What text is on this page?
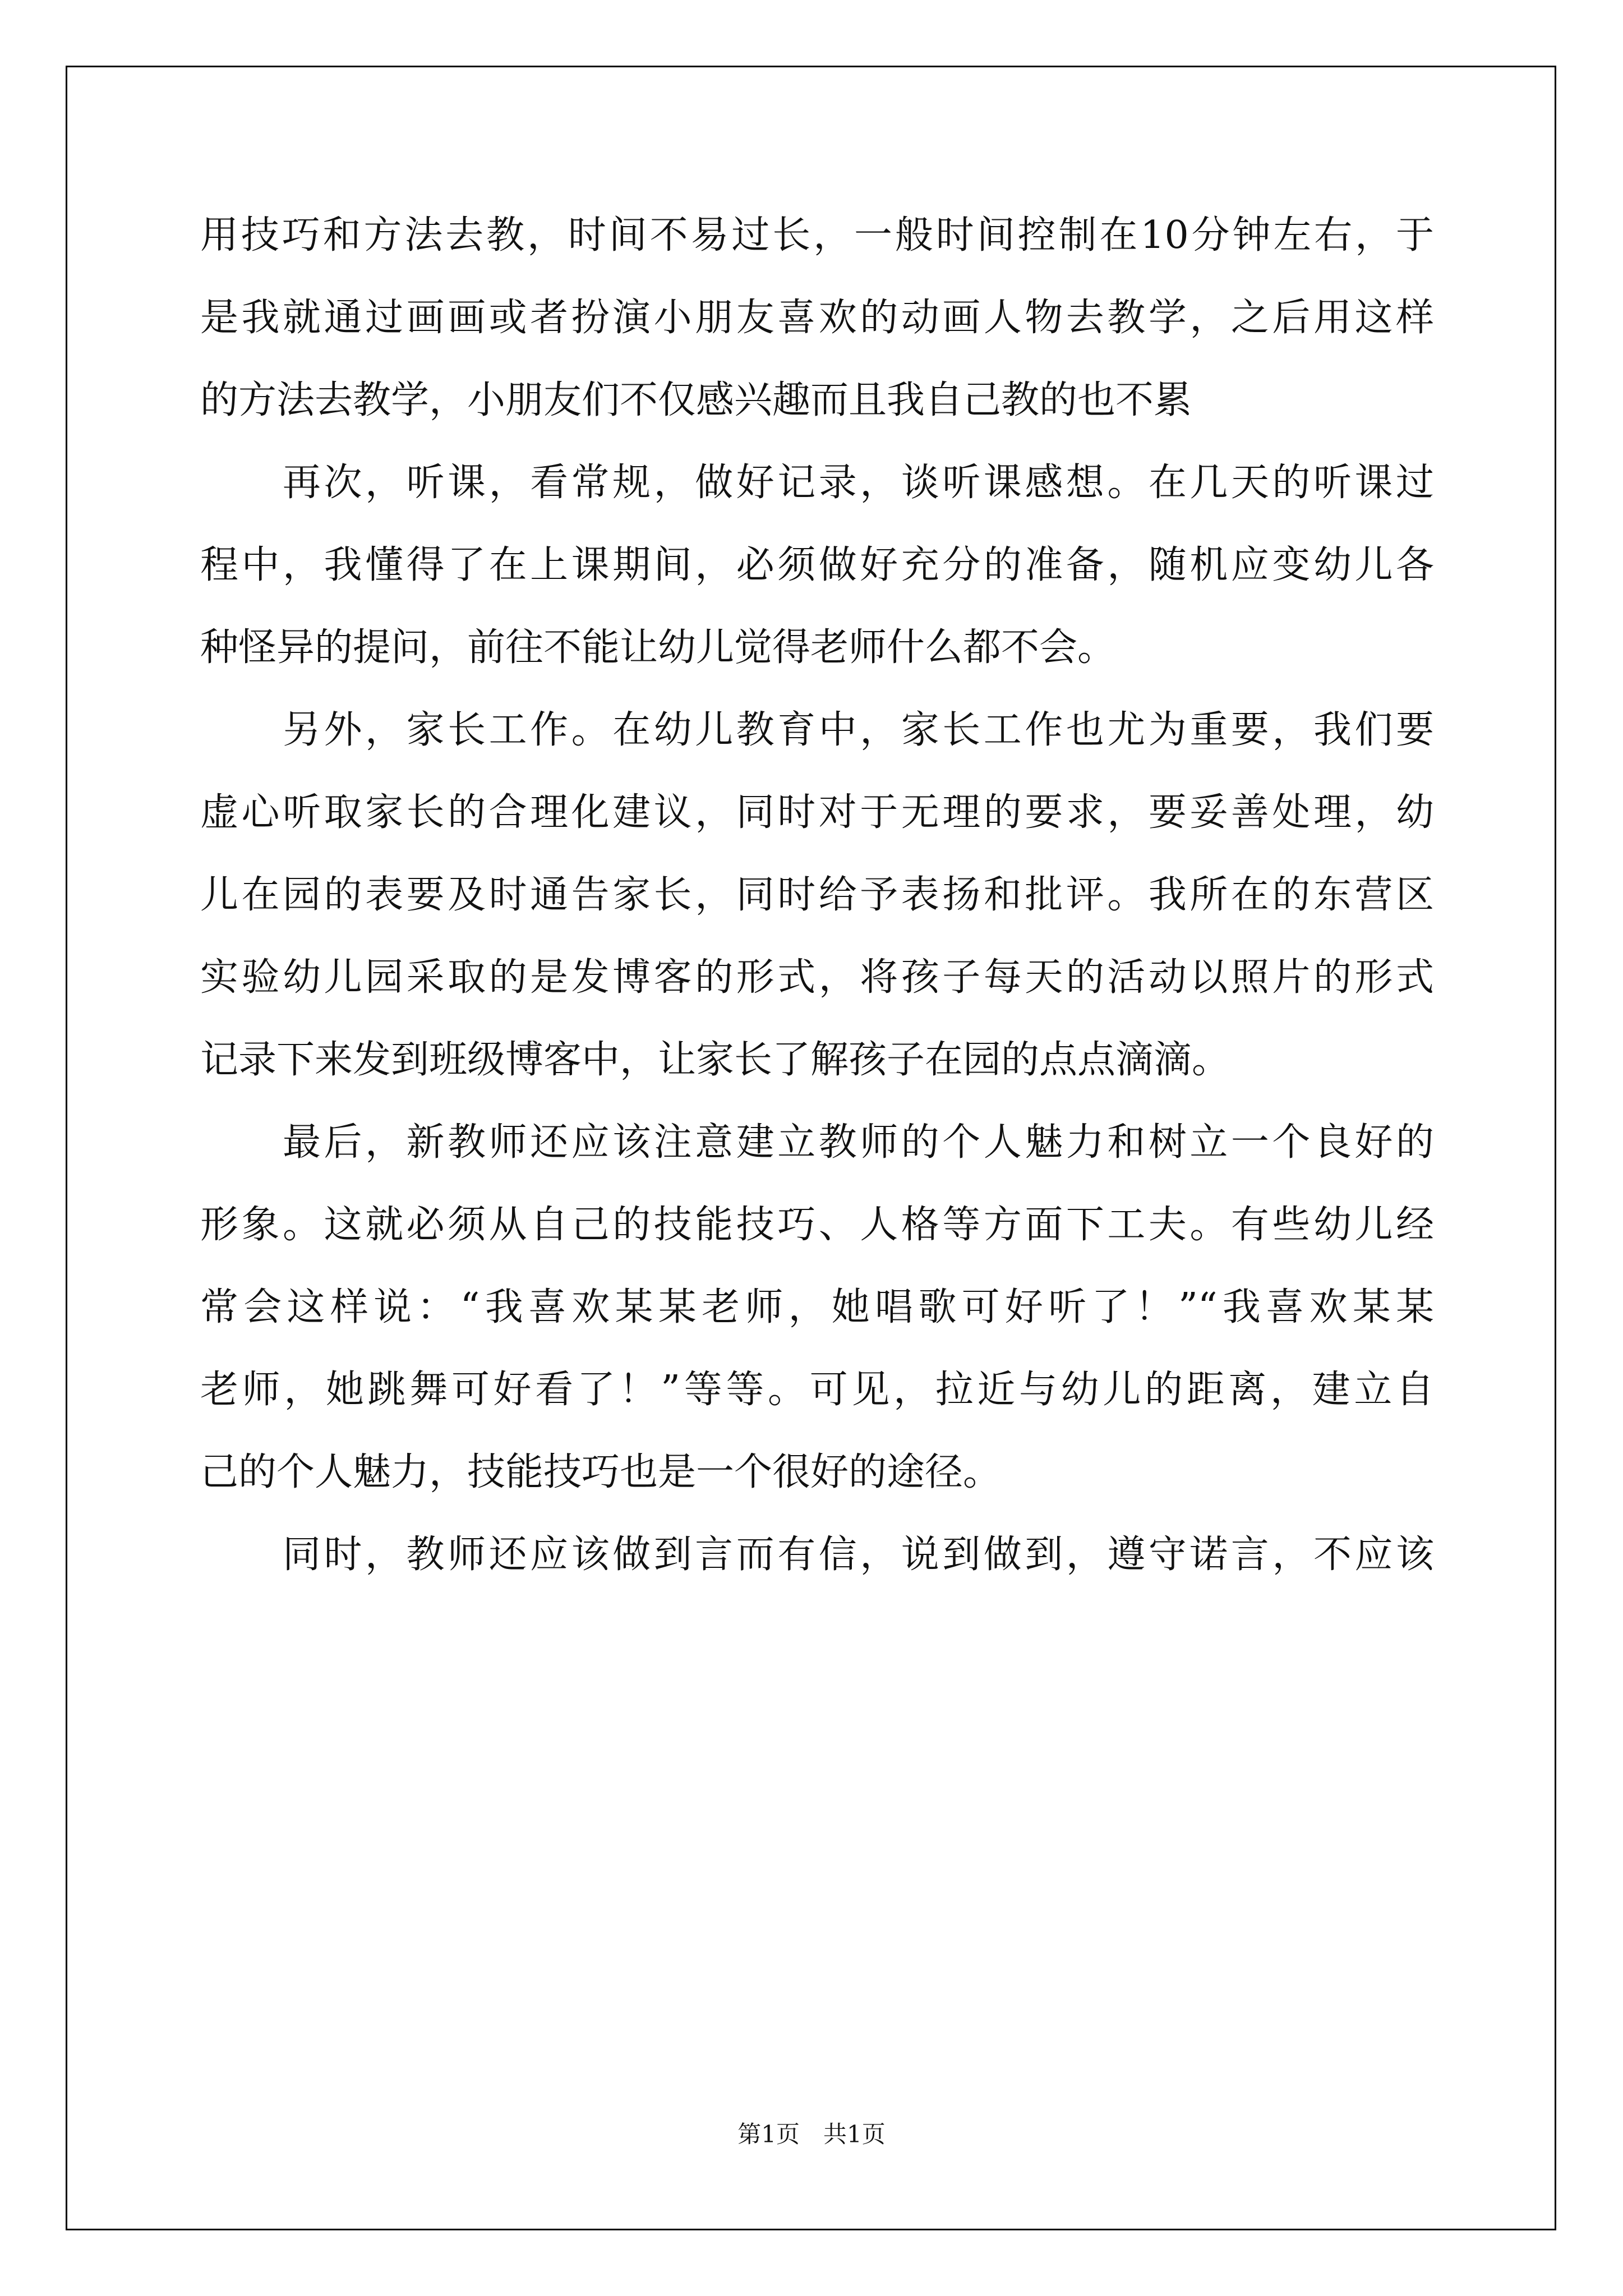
用技巧和方法去教，时间不易过长，一般时间控制在10分钟左右，于
是我就通过画画或者扮演小朋友喜欢的动画人物去教学，之后用这样
的方法去教学，小朋友们不仅感兴趣而且我自己教的也不累
再次，听课，看常规，做好记录，谈听课感想。在几天的听课过
程中，我懂得了在上课期间，必须做好充分的准备，随机应变幼儿各
种怪异的提问，前往不能让幼儿觉得老师什么都不会。
另外，家长工作。在幼儿教育中，家长工作也尤为重要，我们要
虚心听取家长的合理化建议，同时对于无理的要求，要妥善处理，幼
儿在园的表要及时通告家长，同时给予表扬和批评。我所在的东营区
实验幼儿园采取的是发博客的形式，将孩子每天的活动以照片的形式
记录下来发到班级博客中，让家长了解孩子在园的点点滴滴。
最后，新教师还应该注意建立教师的个人魅力和树立一个良好的
形象。这就必须从自己的技能技巧、人格等方面下工夫。有些幼儿经
常会这样说：“我喜欢某某老师，她唱歌可好听了！”“我喜欢某某
老师，她跳舞可好看了！”等等。可见，拉近与幼儿的距离，建立自
己的个人魅力，技能技巧也是一个很好的途径。
同时，教师还应该做到言而有信，说到做到，遵守诺言，不应该
第1页 共1页
